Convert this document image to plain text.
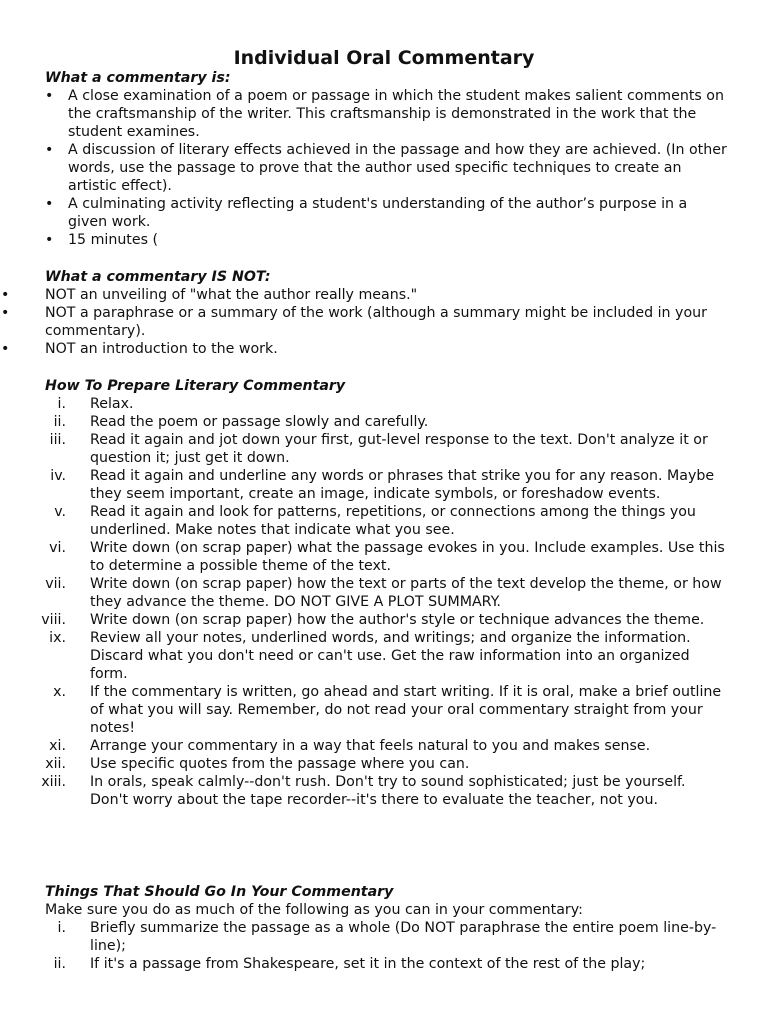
Individual Oral Commentary
What a commentary is:
• A close examination of a poem or passage in which the student makes salient comments on the craftsmanship of the writer. This craftsmanship is demonstrated in the work that the student examines.
• A discussion of literary effects achieved in the passage and how they are achieved. (In other words, use the passage to prove that the author used specific techniques to create an artistic effect).
• A culminating activity reflecting a student's understanding of the author’s purpose in a given work.
• 15 minutes (
What a commentary IS NOT:
•	NOT an unveiling of "what the author really means."
•	NOT a paraphrase or a summary of the work (although a summary might be included in your commentary).
•	NOT an introduction to the work.
How To Prepare Literary Commentary
i. Relax.
ii. Read the poem or passage slowly and carefully.
iii. Read it again and jot down your first, gut-level response to the text. Don't analyze it or question it; just get it down.
iv. Read it again and underline any words or phrases that strike you for any reason. Maybe they seem important, create an image, indicate symbols, or foreshadow events.
v. Read it again and look for patterns, repetitions, or connections among the things you underlined. Make notes that indicate what you see.
vi. Write down (on scrap paper) what the passage evokes in you. Include examples. Use this to determine a possible theme of the text.
vii. Write down (on scrap paper) how the text or parts of the text develop the theme, or how they advance the theme. DO NOT GIVE A PLOT SUMMARY.
viii. Write down (on scrap paper) how the author's style or technique advances the theme.
ix. Review all your notes, underlined words, and writings; and organize the information. Discard what you don't need or can't use. Get the raw information into an organized form.
x. If the commentary is written, go ahead and start writing. If it is oral, make a brief outline of what you will say. Remember, do not read your oral commentary straight from your notes!
xi. Arrange your commentary in a way that feels natural to you and makes sense.
xii. Use specific quotes from the passage where you can.
xiii. In orals, speak calmly--don't rush. Don't try to sound sophisticated; just be yourself. Don't worry about the tape recorder--it's there to evaluate the teacher, not you.
Things That Should Go In Your Commentary
Make sure you do as much of the following as you can in your commentary:
i. Briefly summarize the passage as a whole (Do NOT paraphrase the entire poem line-by-line);
ii. If it's a passage from Shakespeare, set it in the context of the rest of the play;
